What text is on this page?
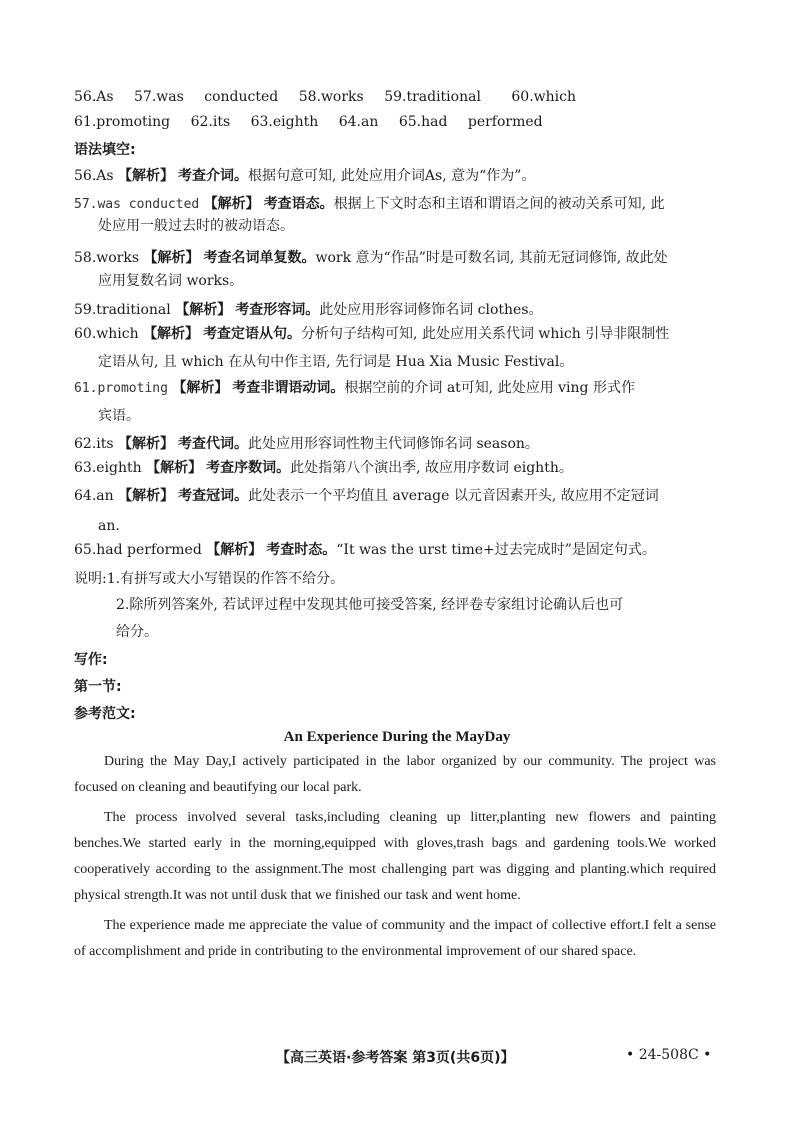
56.As 57.was conducted 58.works 59.traditional 60.which
61.promoting 62.its 63.eighth 64.an 65.had performed
语法填空:
56.As 【解析】 考查介词。根据句意可知, 此处应用介词As, 意为“作为”。
57.was conducted 【解析】 考查语态。根据上下文时态和主语和谓语之间的被动关系可知, 此
处应用一般过去时的被动语态。
58.works 【解析】 考查名词单复数。work 意为“作品”时是可数名词, 其前无冠词修饰, 故此处
应用复数名词 works。
59.traditional 【解析】 考查形容词。此处应用形容词修饰名词 clothes。
60.which 【解析】 考查定语从句。分析句子结构可知, 此处应用关系代词 which 引导非限制性
定语从句, 且 which 在从句中作主语, 先行词是 Hua Xia Music Festival。
61.promoting 【解析】 考查非谓语动词。根据空前的介词 at可知, 此处应用 ving 形式作
宾语。
62.its 【解析】 考查代词。此处应用形容词性物主代词修饰名词 season。
63.eighth 【解析】 考查序数词。此处指第八个演出季, 故应用序数词 eighth。
64.an 【解析】 考查冠词。此处表示一个平均值且 average 以元音因素开头, 故应用不定冠词
an.
65.had performed 【解析】 考查时态。“It was the urst time+过去完成时”是固定句式。
说明:1.有拼写或大小写错误的作答不给分。
2.除所列答案外, 若试评过程中发现其他可接受答案, 经评卷专家组讨论确认后也可
给分。
写作:
第一节:
参考范文:
An Experience During the MayDay

During the May Day,I actively participated in the labor organized by our community. The project was focused on cleaning and beautifying our local park.

The process involved several tasks,including cleaning up litter,planting new flowers and painting benches.We started early in the morning,equipped with gloves,trash bags and gardening tools.We worked cooperatively according to the assignment.The most challenging part was digging and planting.which required physical strength.It was not until dusk that we finished our task and went home.

The experience made me appreciate the value of community and the impact of collective effort.I felt a sense of accomplishment and pride in contributing to the environmental improvement of our shared space.

【高三英语·参考答案 第3页(共6页)】	• 24-508C •
